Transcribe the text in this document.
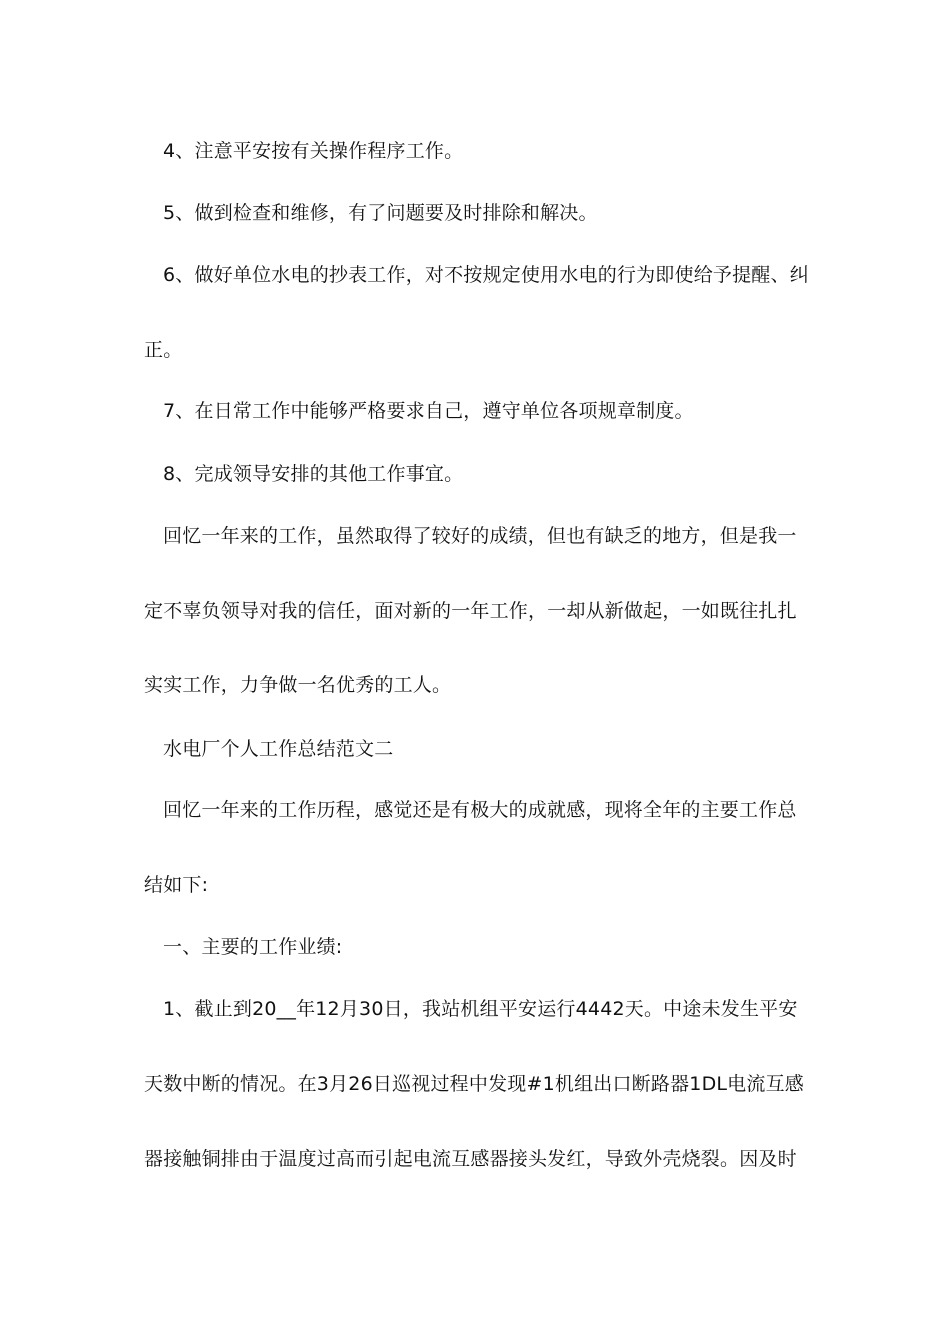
4、注意平安按有关操作程序工作。
5、做到检查和维修，有了问题要及时排除和解决。
6、做好单位水电的抄表工作，对不按规定使用水电的行为即使给予提醒、纠
正。
7、在日常工作中能够严格要求自己，遵守单位各项规章制度。
8、完成领导安排的其他工作事宜。
回忆一年来的工作，虽然取得了较好的成绩，但也有缺乏的地方，但是我一
定不辜负领导对我的信任，面对新的一年工作，一却从新做起，一如既往扎扎
实实工作，力争做一名优秀的工人。
水电厂个人工作总结范文二
回忆一年来的工作历程，感觉还是有极大的成就感，现将全年的主要工作总
结如下:
一、主要的工作业绩:
1、截止到20__年12月30日，我站机组平安运行4442天。中途未发生平安
天数中断的情况。在3月26日巡视过程中发现#1机组出口断路器1DL电流互感
器接触铜排由于温度过高而引起电流互感器接头发红，导致外壳烧裂。因及时
